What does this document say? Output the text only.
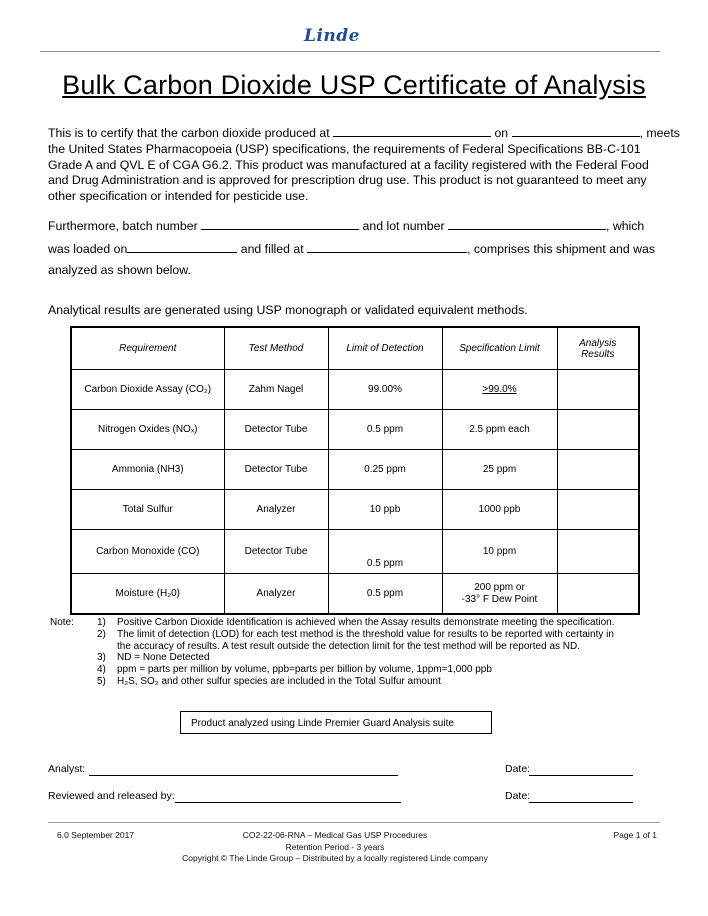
Linde
Bulk Carbon Dioxide USP Certificate of Analysis
This is to certify that the carbon dioxide produced at	on	, meets
the United States Pharmacopoeia (USP) specifications, the requirements of Federal Specifications BB-C-101 Grade A and QVL E of CGA G6.2. This product was manufactured at a facility registered with the Federal Food and Drug Administration and is approved for prescription drug use. This product is not guaranteed to meet any other specification or intended for pesticide use.
Furthermore, batch number	and lot number	, which
was loaded on	and filled at	, comprises this shipment and was
analyzed as shown below.
Analytical results are generated using USP monograph or validated equivalent methods.
Requirement	Test Method	Limit of Detection	Specification Limit	Analysis Results
Carbon Dioxide Assay (CO₂)	Zahm Nagel	99.00%	>99.0%	
Nitrogen Oxides (NOₓ)	Detector Tube	0.5 ppm	2.5 ppm each	
Ammonia (NH3)	Detector Tube	0.25 ppm	25 ppm	
Total Sulfur	Analyzer	10 ppb	1000 ppb	
Carbon Monoxide (CO)	Detector Tube	0.5 ppm	10 ppm	
Moisture (H₂0)	Analyzer	0.5 ppm	200 ppm or
-33° F Dew Point	

Note: 1)	Positive Carbon Dioxide Identification is achieved when the Assay results demonstrate meeting the specification.
2)	The limit of detection (LOD) for each test method is the threshold value for results to be reported with certainty in
the accuracy of results. A test result outside the detection limit for the test method will be reported as ND.
3)	ND = None Detected
4)	ppm = parts per million by volume, ppb=parts per billion by volume, 1ppm=1,000 ppb
5)	H₂S, SO₂ and other sulfur species are included in the Total Sulfur amount
Product analyzed using Linde Premier Guard Analysis suite
Analyst:	Date:
Reviewed and released by:	Date:
6.0 September 2017	CO2-22-06-RNA – Medical Gas USP Procedures
Retention Period - 3 years
Copyright © The Linde Group – Distributed by a locally registered Linde company
Page 1 of 1
